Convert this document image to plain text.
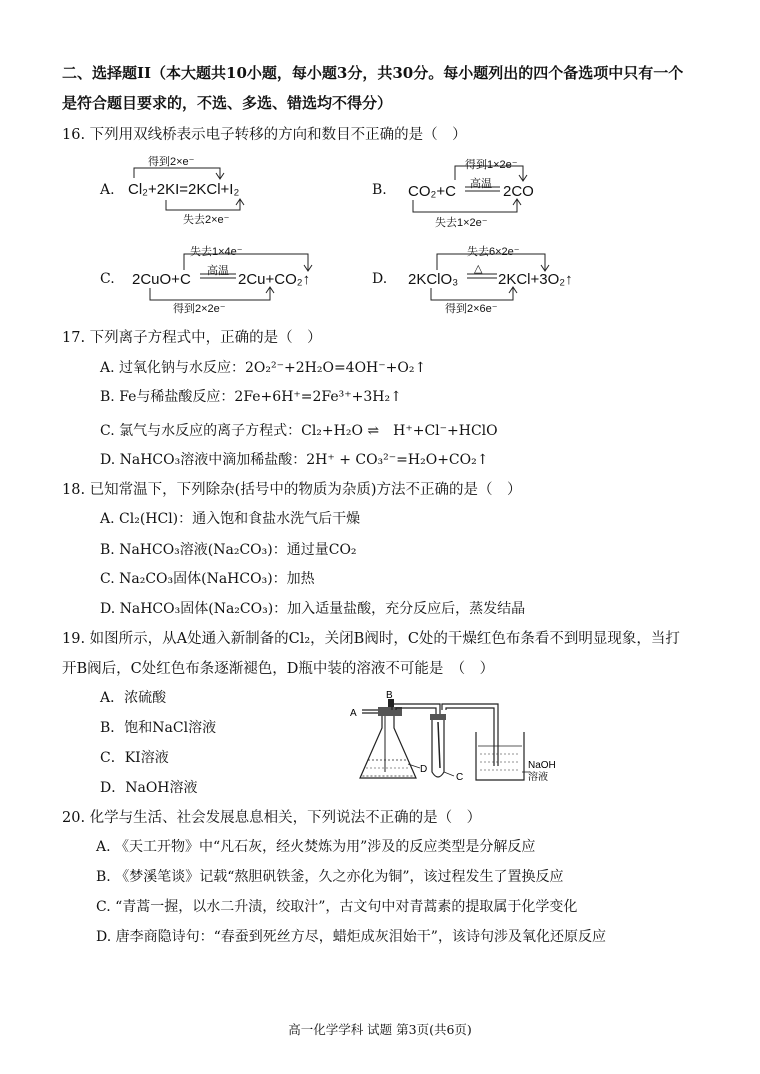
二、选择题II（本大题共10小题，每小题3分，共30分。每小题列出的四个备选项中只有一个
是符合题目要求的，不选、多选、错选均不得分）
16. 下列用双线桥表示电子转移的方向和数目不正确的是（　）
A.
得到2×e⁻
Cl₂+2KI=2KCl+I₂
失去2×e⁻
B.
得到1×2e⁻
高温
CO₂+C	2CO
失去1×2e⁻
C.
失去1×4e⁻
高温
2CuO+C	2Cu+CO₂↑
得到2×2e⁻
D.
失去6×2e⁻
△
2KClO₃	2KCl+3O₂↑
得到2×6e⁻
17. 下列离子方程式中，正确的是（　）
A. 过氧化钠与水反应：2O₂²⁻+2H₂O=4OH⁻+O₂↑
B. Fe与稀盐酸反应：2Fe+6H⁺=2Fe³⁺+3H₂↑
C. 氯气与水反应的离子方程式：Cl₂+H₂O ⇌　H⁺+Cl⁻+HClO
D. NaHCO₃溶液中滴加稀盐酸：2H⁺ + CO₃²⁻=H₂O+CO₂↑
18. 已知常温下，下列除杂(括号中的物质为杂质)方法不正确的是（　）
A. Cl₂(HCl)：通入饱和食盐水洗气后干燥
B. NaHCO₃溶液(Na₂CO₃)：通过量CO₂
C. Na₂CO₃固体(NaHCO₃)：加热
D. NaHCO₃固体(Na₂CO₃)：加入适量盐酸，充分反应后，蒸发结晶
19. 如图所示，从A处通入新制备的Cl₂，关闭B阀时，C处的干燥红色布条看不到明显现象，当打
开B阀后，C处红色布条逐渐褪色，D瓶中装的溶液不可能是　（　）
A．浓硫酸
B．饱和NaCl溶液
C．KI溶液
D．NaOH溶液
A
B
C
D	NaOH
溶液
20. 化学与生活、社会发展息息相关，下列说法不正确的是（　）
A. 《天工开物》中“凡石灰，经火焚炼为用”涉及的反应类型是分解反应
B. 《梦溪笔谈》记载“熬胆矾铁釜，久之亦化为铜”，该过程发生了置换反应
C. “青蒿一握，以水二升渍，绞取汁”，古文句中对青蒿素的提取属于化学变化
D. 唐李商隐诗句：“春蚕到死丝方尽，蜡炬成灰泪始干”，该诗句涉及氧化还原反应
高一化学学科 试题 第3页(共6页)
